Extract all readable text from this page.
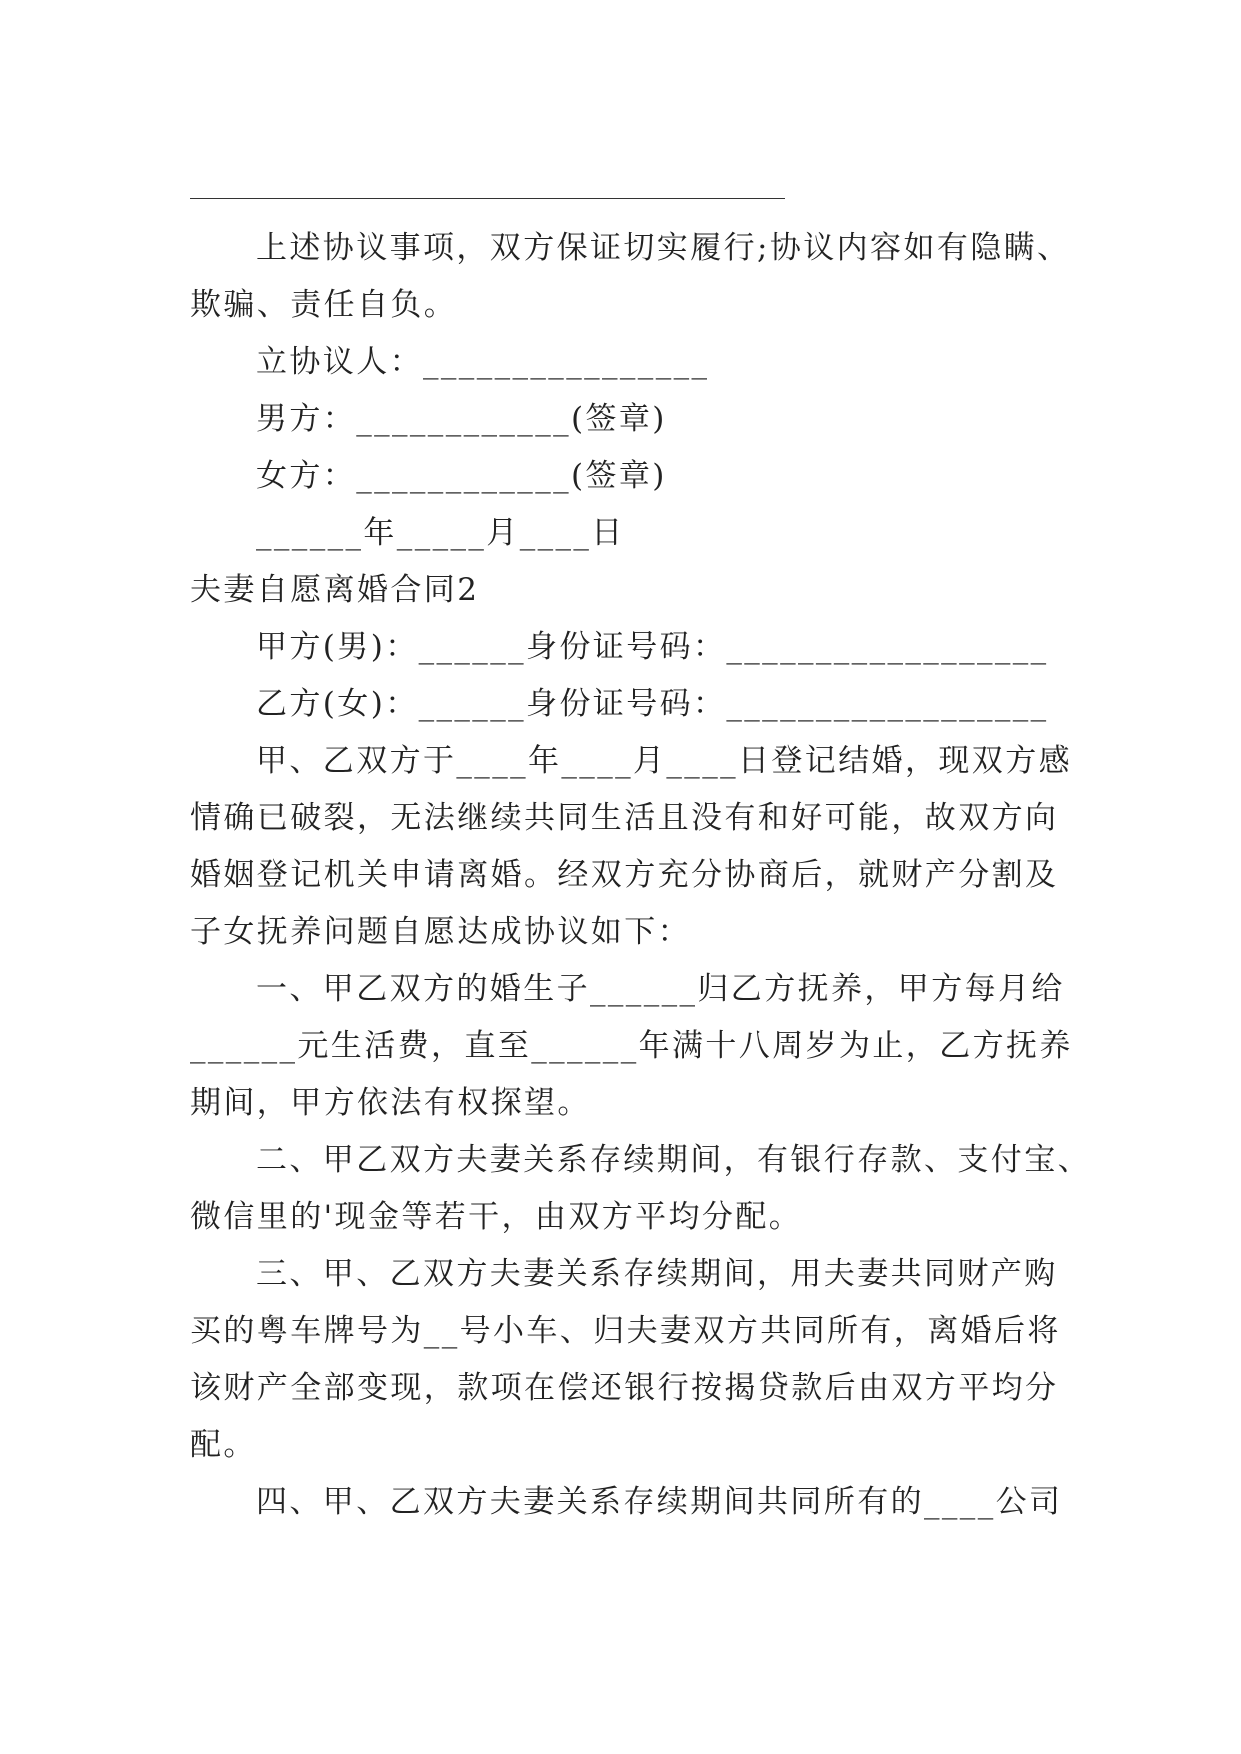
上述协议事项，双方保证切实履行;协议内容如有隐瞒、
欺骗、责任自负。
立协议人：________________
男方：____________(签章)
女方：____________(签章)
______年_____月____日
夫妻自愿离婚合同2
甲方(男)：______身份证号码：__________________
乙方(女)：______身份证号码：__________________
甲、乙双方于____年____月____日登记结婚，现双方感
情确已破裂，无法继续共同生活且没有和好可能，故双方向
婚姻登记机关申请离婚。经双方充分协商后，就财产分割及
子女抚养问题自愿达成协议如下：
一、甲乙双方的婚生子______归乙方抚养，甲方每月给
______元生活费，直至______年满十八周岁为止，乙方抚养
期间，甲方依法有权探望。
二、甲乙双方夫妻关系存续期间，有银行存款、支付宝、
微信里的'现金等若干，由双方平均分配。
三、甲、乙双方夫妻关系存续期间，用夫妻共同财产购
买的粤车牌号为__号小车、归夫妻双方共同所有，离婚后将
该财产全部变现，款项在偿还银行按揭贷款后由双方平均分
配。
四、甲、乙双方夫妻关系存续期间共同所有的____公司
